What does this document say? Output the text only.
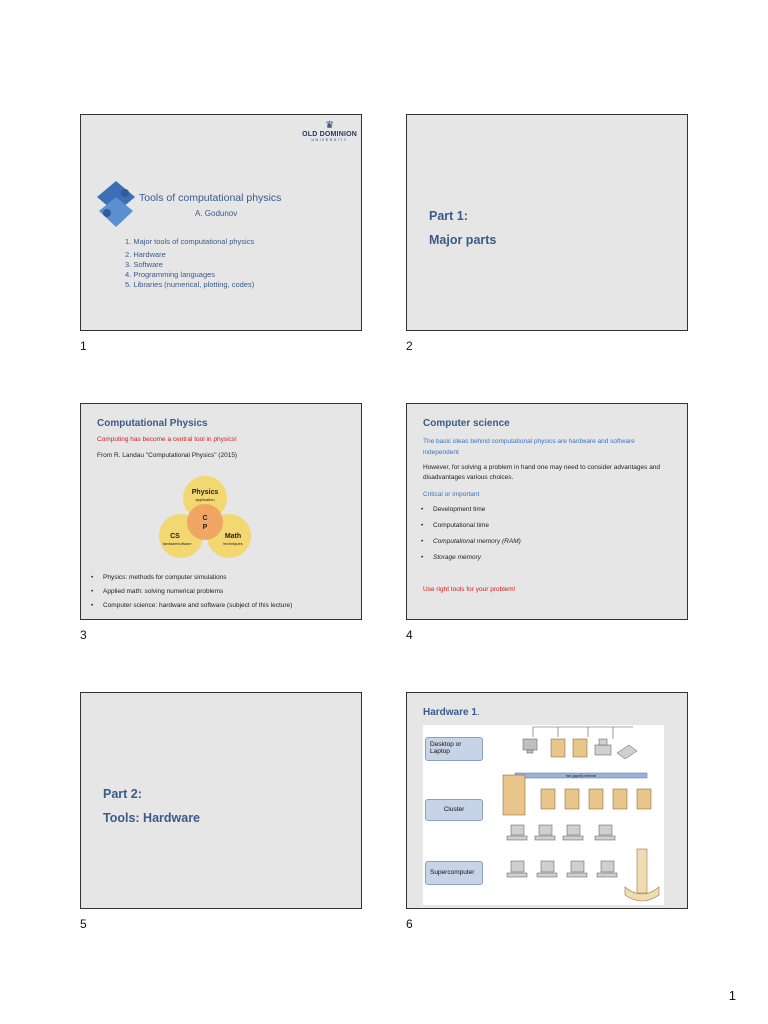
♛
OLD DOMINION
UNIVERSITY
Tools of computational physics
A. Godunov
1. Major tools of computational physics
2. Hardware
3. Software
4. Programming languages
5. Libraries (numerical, plotting, codes)
1
Part 1:
Major parts
2
Computational Physics
Computing has become a central tool in physics!
From R. Landau "Computational Physics" (2015)
Physics
application
CS
hardware/software
Math
techniques
C
P
• Physics: methods for computer simulations
• Applied math: solving numerical problems
• Computer science: hardware and software (subject of this lecture)
3
Computer science
The basic ideas behind computational physics are hardware and software independent
However, for solving a problem in hand one may need to consider advantages and disadvantages various choices.
Critical or important
• Development time
• Computational time
• Computational memory (RAM)
• Storage memory
Use right tools for your problem!
4
Part 2:
Tools: Hardware
5
Hardware 1.
Desktop or Laptop
Cluster
Supercomputer
fast (gigabit) ethernet
6
1
